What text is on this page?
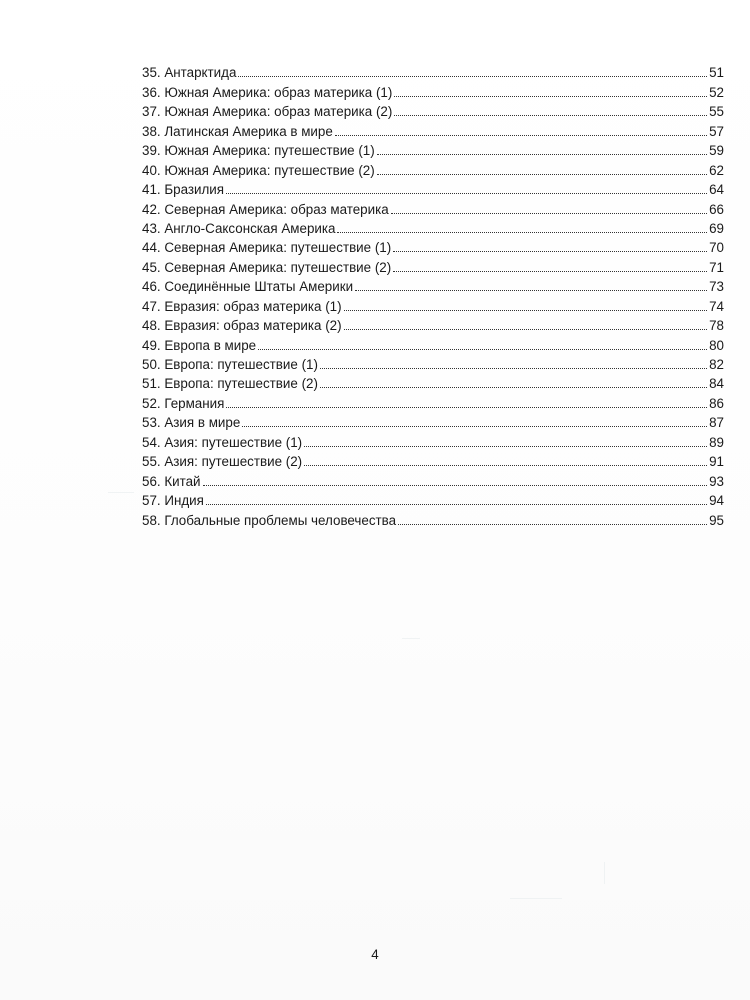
35. Антарктида	51
36. Южная Америка: образ материка (1)	52
37. Южная Америка: образ материка (2)	55
38. Латинская Америка в мире	57
39. Южная Америка: путешествие (1)	59
40. Южная Америка: путешествие (2)	62
41. Бразилия	64
42. Северная Америка: образ материка	66
43. Англо-Саксонская Америка	69
44. Северная Америка: путешествие (1)	70
45. Северная Америка: путешествие (2)	71
46. Соединённые Штаты Америки	73
47. Евразия: образ материка (1)	74
48. Евразия: образ материка (2)	78
49. Европа в мире	80
50. Европа: путешествие (1)	82
51. Европа: путешествие (2)	84
52. Германия	86
53. Азия в мире	87
54. Азия: путешествие (1)	89
55. Азия: путешествие (2)	91
56. Китай	93
57. Индия	94
58. Глобальные проблемы человечества	95
4
